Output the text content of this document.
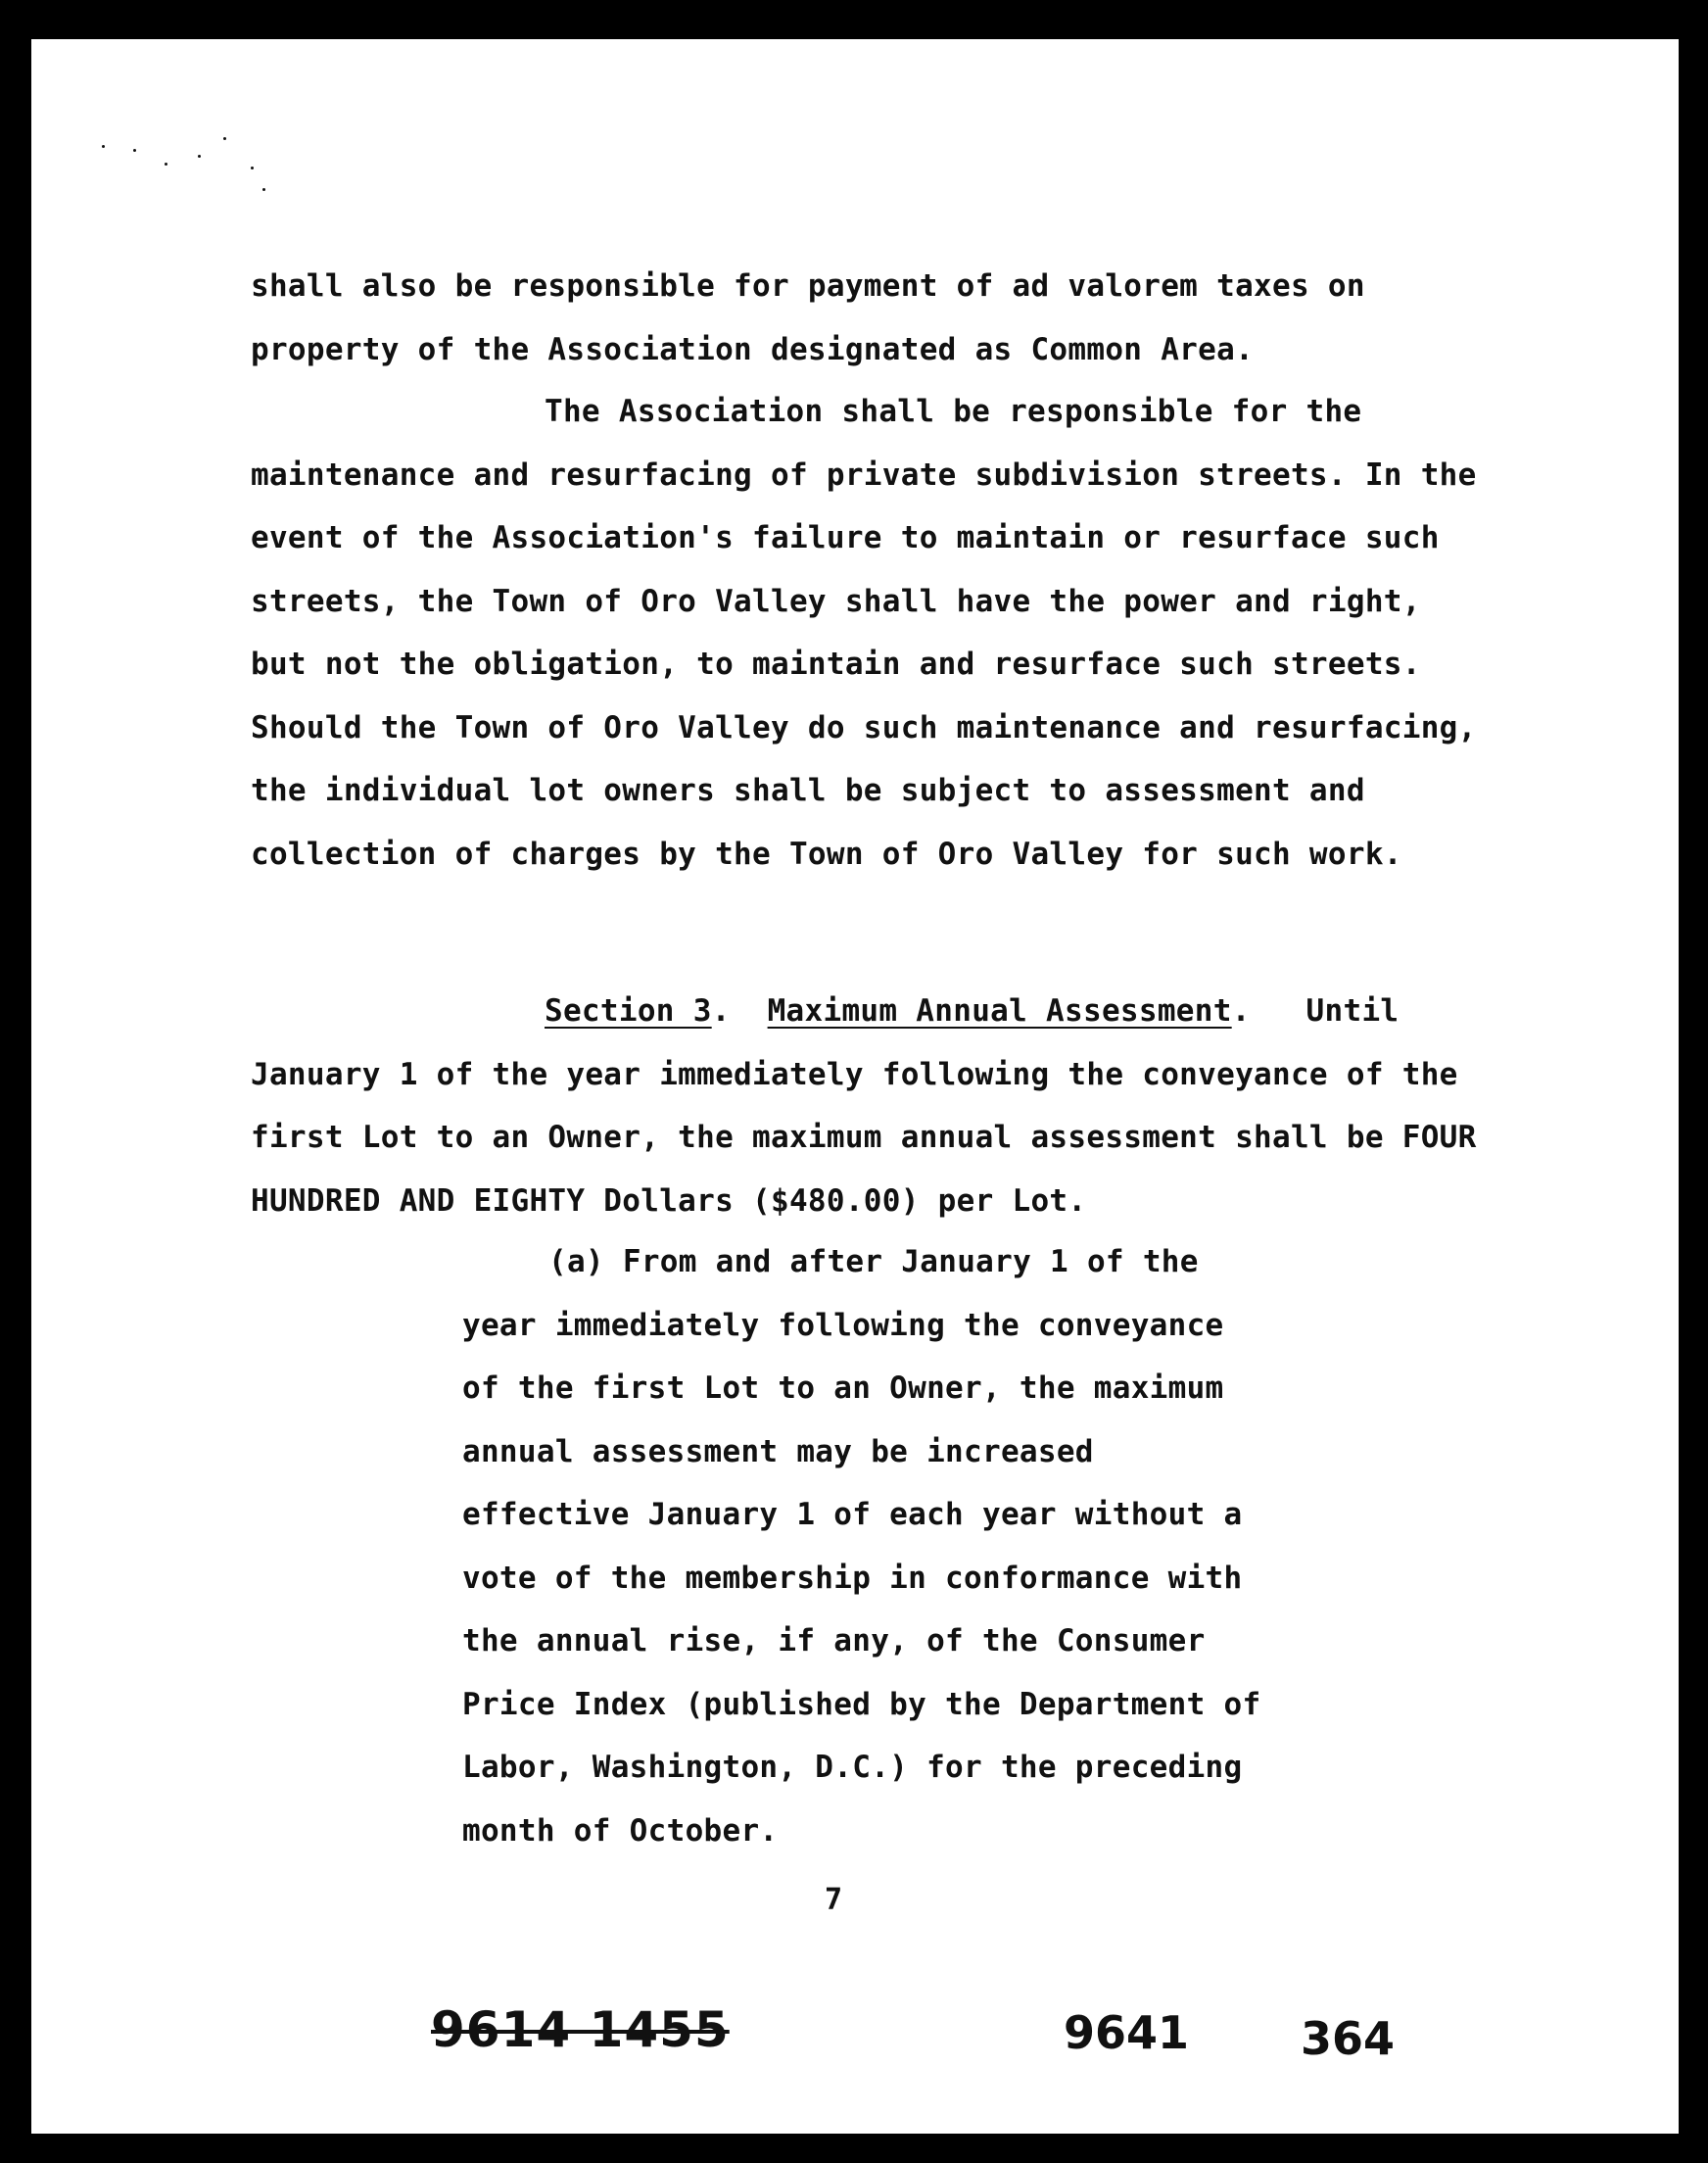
shall also be responsible for payment of ad valorem taxes on property of the Association designated as Common Area.

The Association shall be responsible for the maintenance and resurfacing of private subdivision streets. In the event of the Association's failure to maintain or resurface such streets, the Town of Oro Valley shall have the power and right, but not the obligation, to maintain and resurface such streets. Should the Town of Oro Valley do such maintenance and resurfacing, the individual lot owners shall be subject to assessment and collection of charges by the Town of Oro Valley for such work.

Section 3.  Maximum Annual Assessment.   Until January 1 of the year immediately following the conveyance of the first Lot to an Owner, the maximum annual assessment shall be FOUR HUNDRED AND EIGHTY Dollars ($480.00) per Lot.

(a) From and after January 1 of the year immediately following the conveyance of the first Lot to an Owner, the maximum annual assessment may be increased effective January 1 of each year without a vote of the membership in conformance with the annual rise, if any, of the Consumer Price Index (published by the Department of Labor, Washington, D.C.) for the preceding month of October.

7
9614 1455	9641 364
